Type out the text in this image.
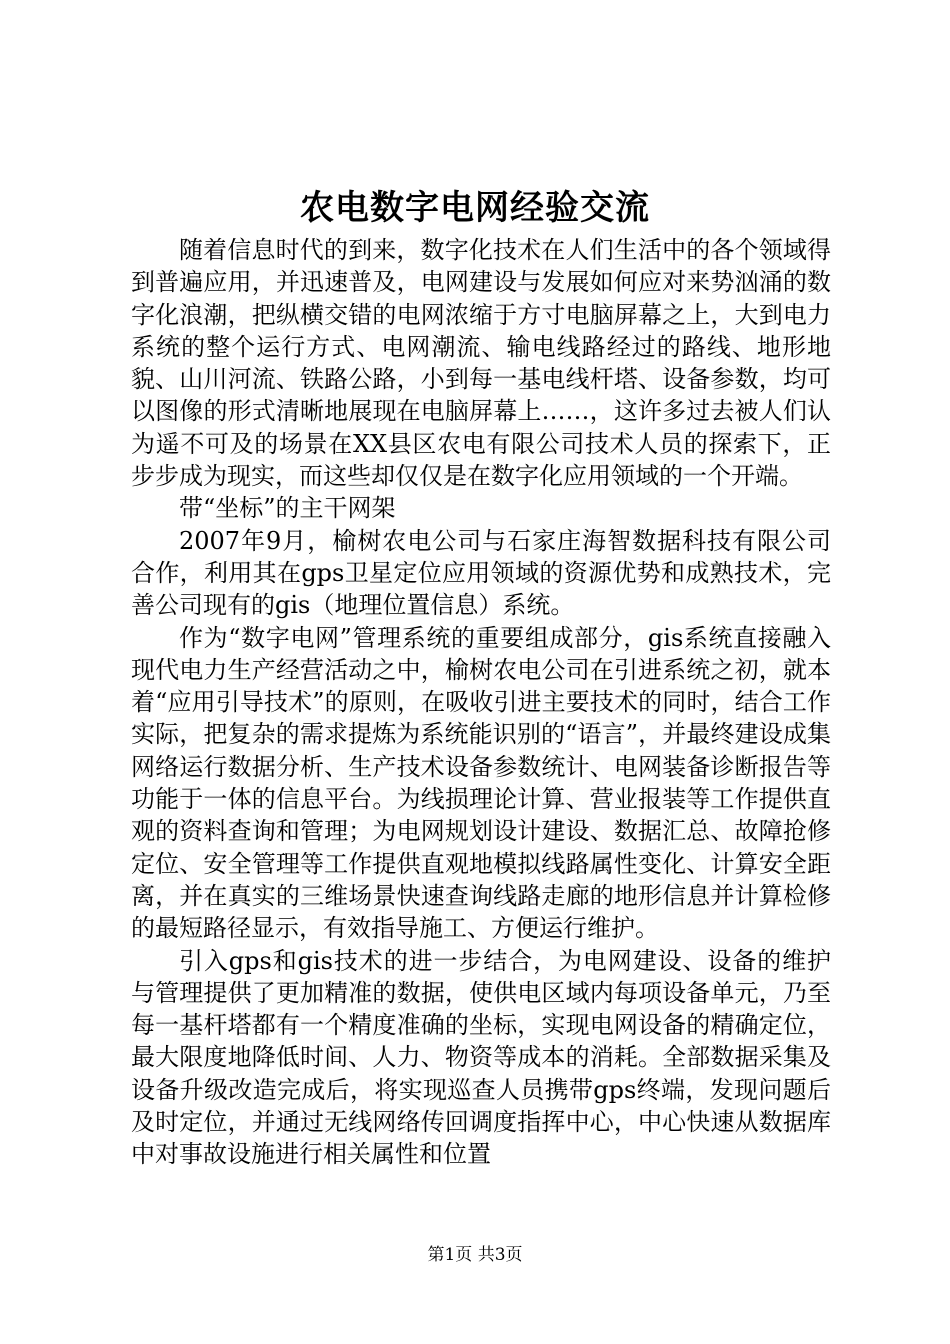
农电数字电网经验交流

随着信息时代的到来，数字化技术在人们生活中的各个领域得到普遍应用，并迅速普及，电网建设与发展如何应对来势汹涌的数字化浪潮，把纵横交错的电网浓缩于方寸电脑屏幕之上，大到电力系统的整个运行方式、电网潮流、输电线路经过的路线、地形地貌、山川河流、铁路公路，小到每一基电线杆塔、设备参数，均可以图像的形式清晰地展现在电脑屏幕上……，这许多过去被人们认为遥不可及的场景在XX县区农电有限公司技术人员的探索下，正步步成为现实，而这些却仅仅是在数字化应用领域的一个开端。

带“坐标”的主干网架

2007年9月，榆树农电公司与石家庄海智数据科技有限公司合作，利用其在gps卫星定位应用领域的资源优势和成熟技术，完善公司现有的gis（地理位置信息）系统。

作为“数字电网”管理系统的重要组成部分，gis系统直接融入现代电力生产经营活动之中，榆树农电公司在引进系统之初，就本着“应用引导技术”的原则，在吸收引进主要技术的同时，结合工作实际，把复杂的需求提炼为系统能识别的“语言”，并最终建设成集网络运行数据分析、生产技术设备参数统计、电网装备诊断报告等功能于一体的信息平台。为线损理论计算、营业报装等工作提供直观的资料查询和管理；为电网规划设计建设、数据汇总、故障抢修定位、安全管理等工作提供直观地模拟线路属性变化、计算安全距离，并在真实的三维场景快速查询线路走廊的地形信息并计算检修的最短路径显示，有效指导施工、方便运行维护。

引入gps和gis技术的进一步结合，为电网建设、设备的维护与管理提供了更加精准的数据，使供电区域内每项设备单元，乃至每一基杆塔都有一个精度准确的坐标，实现电网设备的精确定位，最大限度地降低时间、人力、物资等成本的消耗。全部数据采集及设备升级改造完成后，将实现巡查人员携带gps终端，发现问题后及时定位，并通过无线网络传回调度指挥中心，中心快速从数据库中对事故设施进行相关属性和位置

第1页 共3页
